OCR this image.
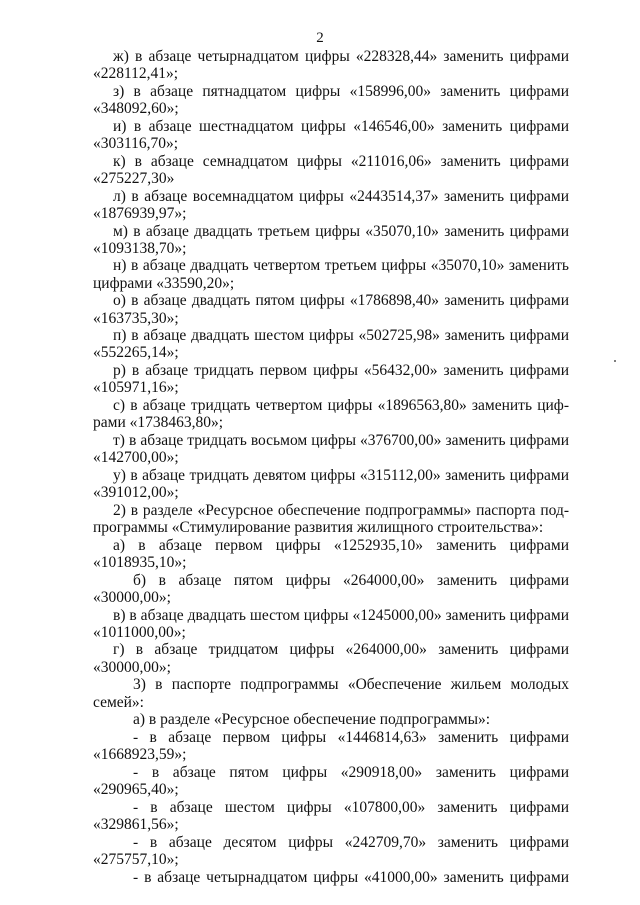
2

ж) в абзаце четырнадцатом цифры «228328,44» заменить цифрами
«228112,41»;

з) в абзаце пятнадцатом цифры «158996,00» заменить цифрами
«348092,60»;

и) в абзаце шестнадцатом цифры «146546,00» заменить цифрами
«303116,70»;

к) в абзаце семнадцатом цифры «211016,06» заменить цифрами
«275227,30»

л) в абзаце восемнадцатом цифры «2443514,37» заменить цифрами
«1876939,97»;

м) в абзаце двадцать третьем цифры «35070,10» заменить цифрами
«1093138,70»;

н) в абзаце двадцать четвертом третьем цифры «35070,10» заменить
цифрами «33590,20»;

о) в абзаце двадцать пятом цифры «1786898,40» заменить цифрами
«163735,30»;

п) в абзаце двадцать шестом цифры «502725,98» заменить цифрами
«552265,14»;

р) в абзаце тридцать первом цифры «56432,00» заменить цифрами
«105971,16»;

с) в абзаце тридцать четвертом цифры «1896563,80» заменить циф-
рами «1738463,80»;

т) в абзаце тридцать восьмом цифры «376700,00» заменить цифрами
«142700,00»;

у) в абзаце тридцать девятом цифры «315112,00» заменить цифрами
«391012,00»;

2) в разделе «Ресурсное обеспечение подпрограммы» паспорта под-
программы «Стимулирование развития жилищного строительства»:

а) в абзаце первом цифры «1252935,10» заменить цифрами
«1018935,10»;

б) в абзаце пятом цифры «264000,00» заменить цифрами «30000,00»;

в) в абзаце двадцать шестом цифры «1245000,00» заменить цифрами
«1011000,00»;

г) в абзаце тридцатом цифры «264000,00» заменить цифрами
«30000,00»;

3) в паспорте подпрограммы «Обеспечение жильем молодых семей»:

а) в разделе «Ресурсное обеспечение подпрограммы»:

- в абзаце первом цифры «1446814,63» заменить цифрами
«1668923,59»;

- в абзаце пятом цифры «290918,00» заменить цифрами «290965,40»;

- в абзаце шестом цифры «107800,00» заменить цифрами
«329861,56»;

- в абзаце десятом цифры «242709,70» заменить цифрами
«275757,10»;

- в абзаце четырнадцатом цифры «41000,00» заменить цифрами
